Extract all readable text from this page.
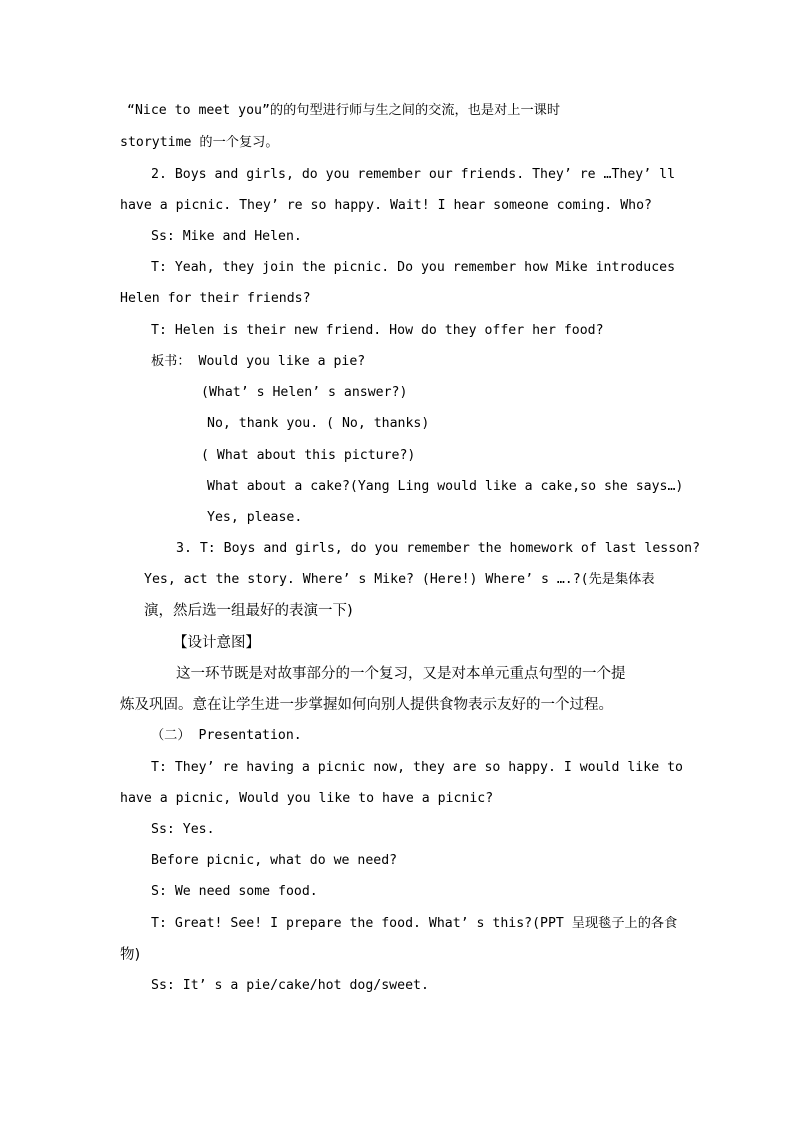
“Nice to meet you”的的句型进行师与生之间的交流，也是对上一课时
storytime 的一个复习。
2. Boys and girls, do you remember our friends. They’ re …They’ ll
have a picnic. They’ re so happy. Wait! I hear someone coming. Who?
Ss: Mike and Helen.
T: Yeah, they join the picnic. Do you remember how Mike introduces
Helen for their friends?
T: Helen is their new friend. How do they offer her food?
板书： Would you like a pie?
(What’ s Helen’ s answer?)
No, thank you. ( No, thanks)
( What about this picture?)
What about a cake?(Yang Ling would like a cake,so she says…)
Yes, please.
3. T: Boys and girls, do you remember the homework of last lesson?
Yes, act the story. Where’ s Mike? (Here!) Where’ s ….?(先是集体表
演，然后选一组最好的表演一下)
【设计意图】
这一环节既是对故事部分的一个复习，又是对本单元重点句型的一个提
炼及巩固。意在让学生进一步掌握如何向别人提供食物表示友好的一个过程。
（二） Presentation.
T: They’ re having a picnic now, they are so happy. I would like to
have a picnic, Would you like to have a picnic?
Ss: Yes.
Before picnic, what do we need?
S: We need some food.
T: Great! See! I prepare the food. What’ s this?(PPT 呈现毯子上的各食
物)
Ss: It’ s a pie/cake/hot dog/sweet.
